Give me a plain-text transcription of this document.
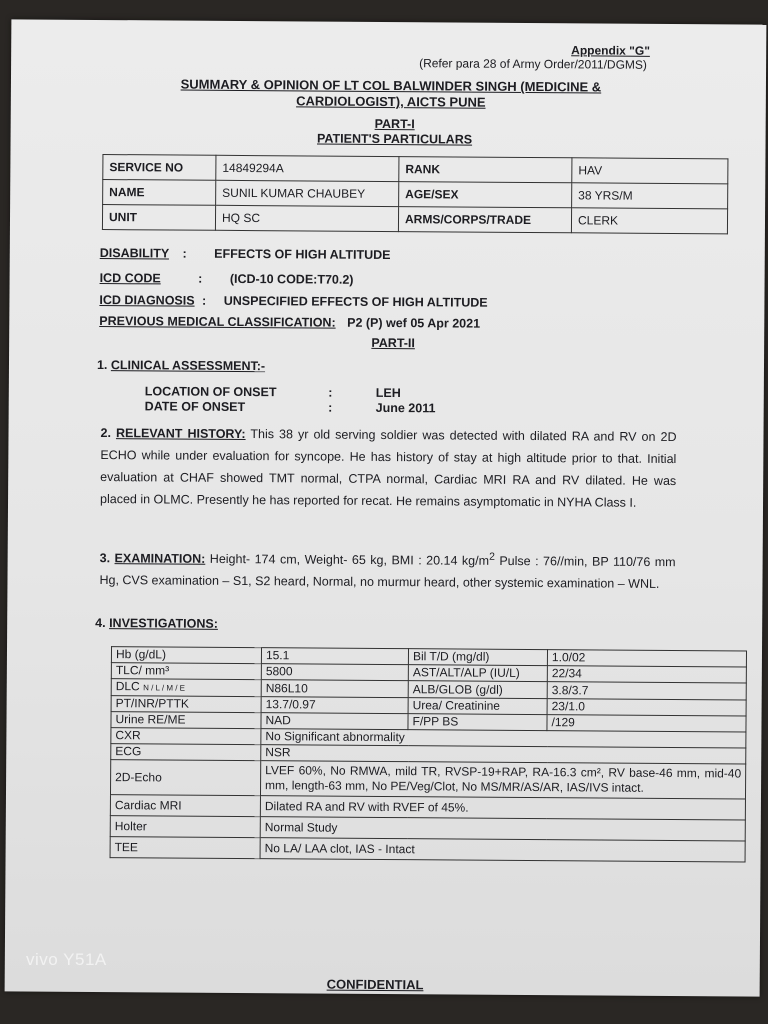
Appendix "G"
(Refer para 28 of Army Order/2011/DGMS)
SUMMARY & OPINION OF LT COL BALWINDER SINGH (MEDICINE &
CARDIOLOGIST), AICTS PUNE
PART-I
PATIENT'S PARTICULARS
SERVICE NO	14849294A	RANK	HAV
NAME	SUNIL KUMAR CHAUBEY	AGE/SEX	38 YRS/M
UNIT	HQ SC	ARMS/CORPS/TRADE	CLERK
DISABILITY : EFFECTS OF HIGH ALTITUDE
ICD CODE	: (ICD-10 CODE:T70.2)
ICD DIAGNOSIS : UNSPECIFIED EFFECTS OF HIGH ALTITUDE
PREVIOUS MEDICAL CLASSIFICATION: P2 (P) wef 05 Apr 2021
PART-II
1. CLINICAL ASSESSMENT:-
LOCATION OF ONSET	:	LEH
DATE OF ONSET	:	June 2011
2. RELEVANT HISTORY: This 38 yr old serving soldier was detected with dilated RA and RV on 2D ECHO while under evaluation for syncope. He has history of stay at high altitude prior to that. Initial evaluation at CHAF showed TMT normal, CTPA normal, Cardiac MRI RA and RV dilated. He was placed in OLMC. Presently he has reported for recat. He remains asymptomatic in NYHA Class I.
3. EXAMINATION: Height- 174 cm, Weight- 65 kg, BMI : 20.14 $kg/m^2$ Pulse : 76//min, BP 110/76 mm Hg, CVS examination – S1, S2 heard, Normal, no murmur heard, other systemic examination – WNL.
4. INVESTIGATIONS:
Hb (g/dL)	15.1	Bil T/D (mg/dl)	1.0/02
TLC/ mm³	5800	AST/ALT/ALP (IU/L)	22/34
DLC N / L / M / E	N86L10	ALB/GLOB (g/dl)	3.8/3.7
PT/INR/PTTK	13.7/0.97	Urea/ Creatinine	23/1.0
Urine RE/ME	NAD	F/PP BS	/129
CXR	No Significant abnormality		
ECG	NSR		
2D-Echo	LVEF 60%, No RMWA, mild TR, RVSP-19+RAP, RA-16.3 cm², RV base-46 mm, mid-40 mm, length-63 mm, No PE/Veg/Clot, No MS/MR/AS/AR, IAS/IVS intact.		
Cardiac MRI	Dilated RA and RV with RVEF of 45%.		
Holter	Normal Study		
TEE	No LA/ LAA clot, IAS - Intact		
CONFIDENTIAL
vivo Y51A
